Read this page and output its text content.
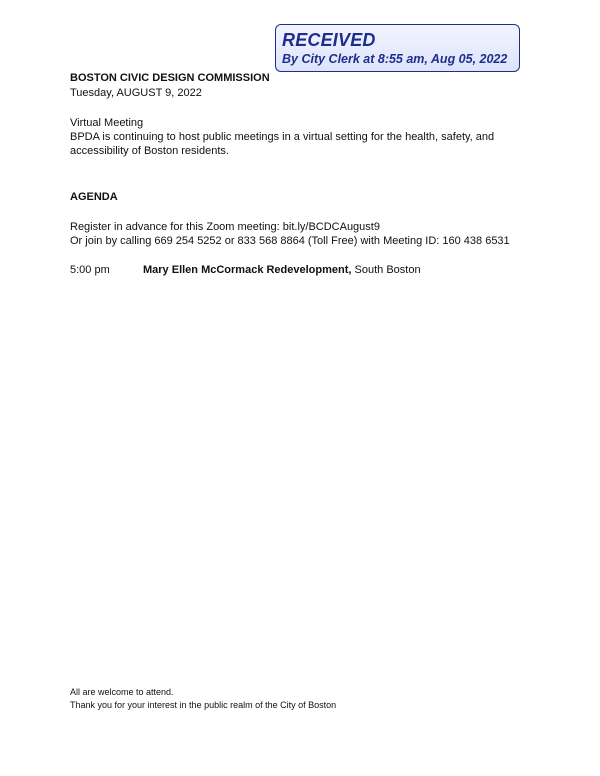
RECEIVED
By City Clerk at 8:55 am, Aug 05, 2022
BOSTON CIVIC DESIGN COMMISSION
Tuesday, AUGUST 9, 2022
Virtual Meeting
BPDA is continuing to host public meetings in a virtual setting for the health, safety, and accessibility of Boston residents.
AGENDA
Register in advance for this Zoom meeting: bit.ly/BCDCAugust9
Or join by calling 669 254 5252 or 833 568 8864 (Toll Free) with Meeting ID: 160 438 6531
5:00 pm	Mary Ellen McCormack Redevelopment, South Boston
All are welcome to attend.
Thank you for your interest in the public realm of the City of Boston
